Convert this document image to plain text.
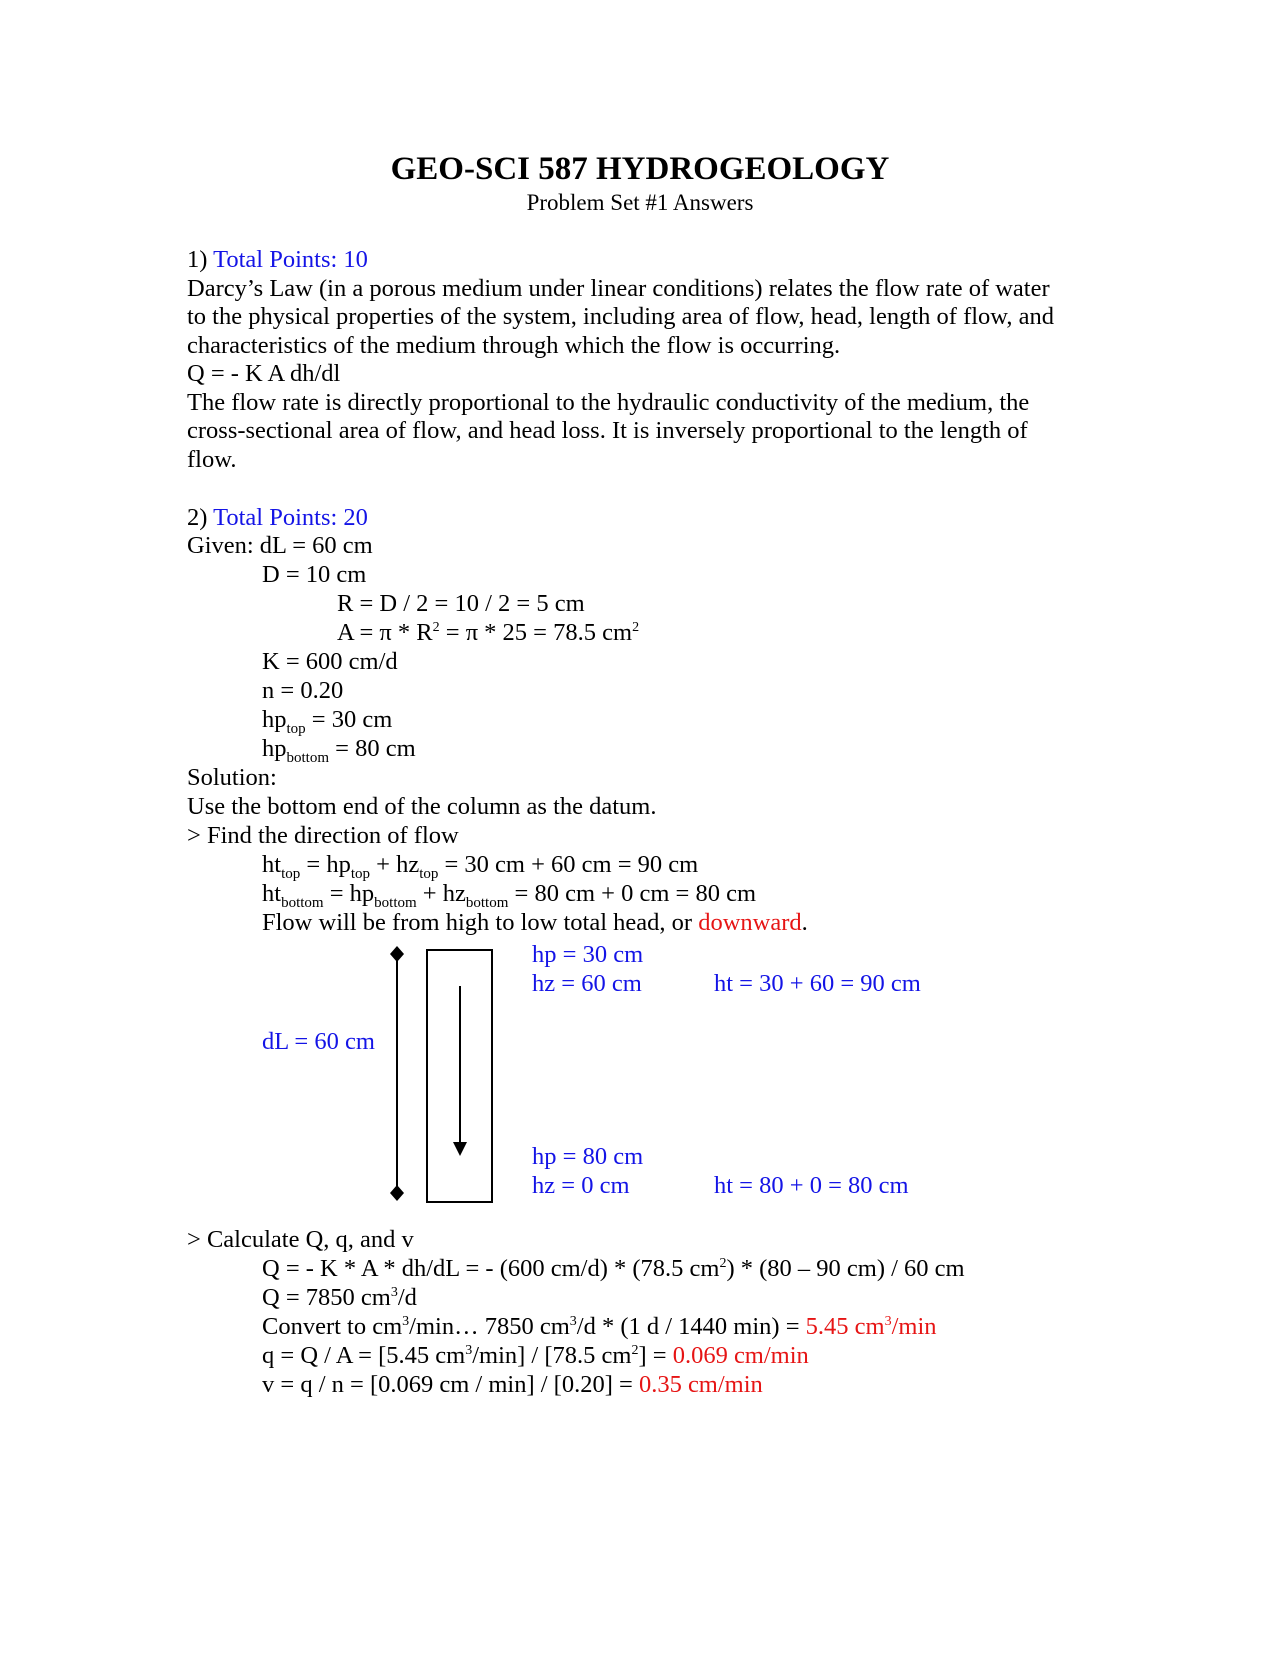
GEO-SCI 587 HYDROGEOLOGY
Problem Set #1 Answers
1) Total Points: 10
Darcy’s Law (in a porous medium under linear conditions) relates the flow rate of water
to the physical properties of the system, including area of flow, head, length of flow, and
characteristics of the medium through which the flow is occurring.
Q = - K A dh/dl
The flow rate is directly proportional to the hydraulic conductivity of the medium, the
cross-sectional area of flow, and head loss. It is inversely proportional to the length of
flow.
2) Total Points: 20
Given: dL = 60 cm
D = 10 cm
R = D / 2 = 10 / 2 = 5 cm
$A = \pi * R^2 = \pi * 25 = 78.5$ $cm^2$
K = 600 cm/d
n = 0.20
$hp_{top} = 30$ cm
$hp_{bottom} = 80$ cm
Solution:
Use the bottom end of the column as the datum.
> Find the direction of flow
$ht_{top} = hp_{top} + hz_{top} = 30$ cm + 60 cm = 90 cm
$ht_{bottom} = hp_{bottom} + hz_{bottom} = 80$ cm + 0 cm = 80 cm
Flow will be from high to low total head, or downward.
dL = 60 cm
hp = 30 cm
hz = 60 cm	ht = 30 + 60 = 90 cm
hp = 80 cm
hz = 0 cm	ht = 80 + 0 = 80 cm
> Calculate Q, q, and v
Q = - K * A * dh/dL = - (600 cm/d) * (78.5 $cm^2) * (80 - 90$ cm) / 60 cm
Q = 7850 $cm^3/d$
Convert to $cm^3/\min\dots$ 7850 $cm^3/d * (1$ d / 1440 min) = 5.45 $cm^3/\min$
q = Q / A = [5.45 $cm^3/\min] / [78.5$ $cm^2] = 0.069$ cm/min
v = q / n = [0.069 cm / min] / [0.20] = 0.35 cm/min
